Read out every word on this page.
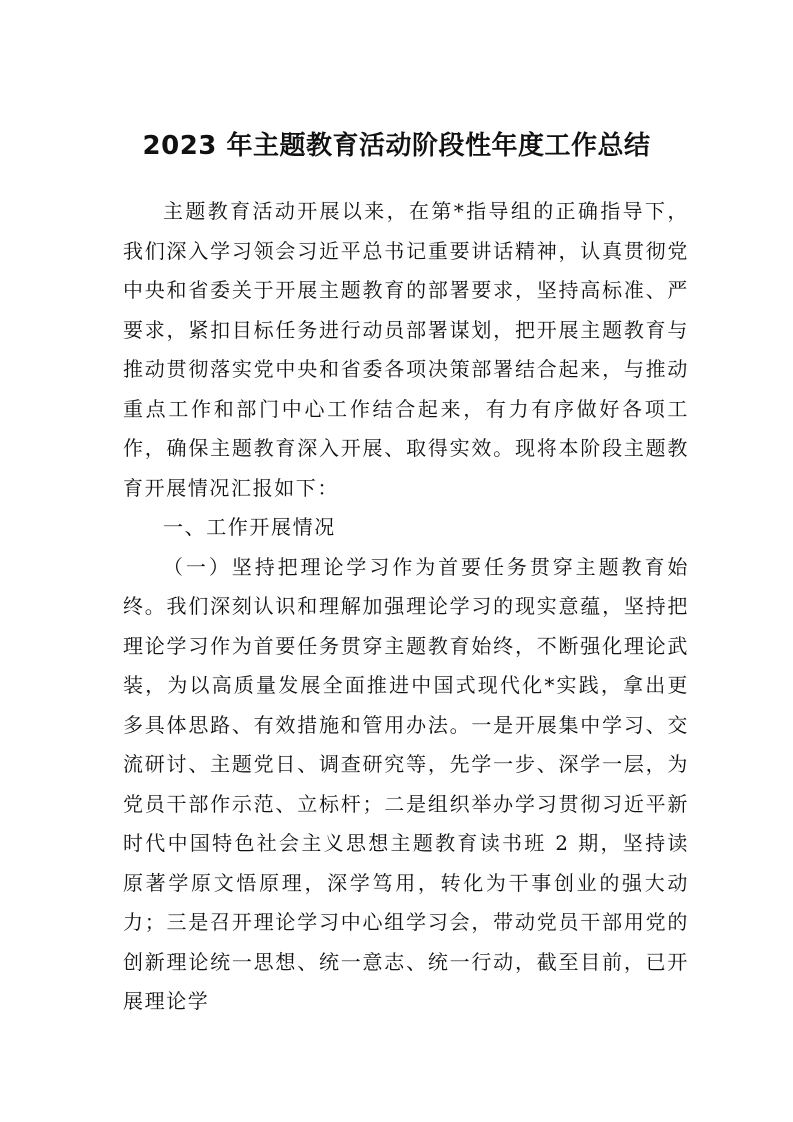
2023 年主题教育活动阶段性年度工作总结

主题教育活动开展以来，在第*指导组的正确指导下，我们深入学习领会习近平总书记重要讲话精神，认真贯彻党中央和省委关于开展主题教育的部署要求，坚持高标准、严要求，紧扣目标任务进行动员部署谋划，把开展主题教育与推动贯彻落实党中央和省委各项决策部署结合起来，与推动重点工作和部门中心工作结合起来，有力有序做好各项工作，确保主题教育深入开展、取得实效。现将本阶段主题教育开展情况汇报如下：

一、工作开展情况

（一）坚持把理论学习作为首要任务贯穿主题教育始终。我们深刻认识和理解加强理论学习的现实意蕴，坚持把理论学习作为首要任务贯穿主题教育始终，不断强化理论武装，为以高质量发展全面推进中国式现代化*实践，拿出更多具体思路、有效措施和管用办法。一是开展集中学习、交流研讨、主题党日、调查研究等，先学一步、深学一层，为党员干部作示范、立标杆；二是组织举办学习贯彻习近平新时代中国特色社会主义思想主题教育读书班 2 期，坚持读原著学原文悟原理，深学笃用，转化为干事创业的强大动力；三是召开理论学习中心组学习会，带动党员干部用党的创新理论统一思想、统一意志、统一行动，截至目前，已开展理论学
